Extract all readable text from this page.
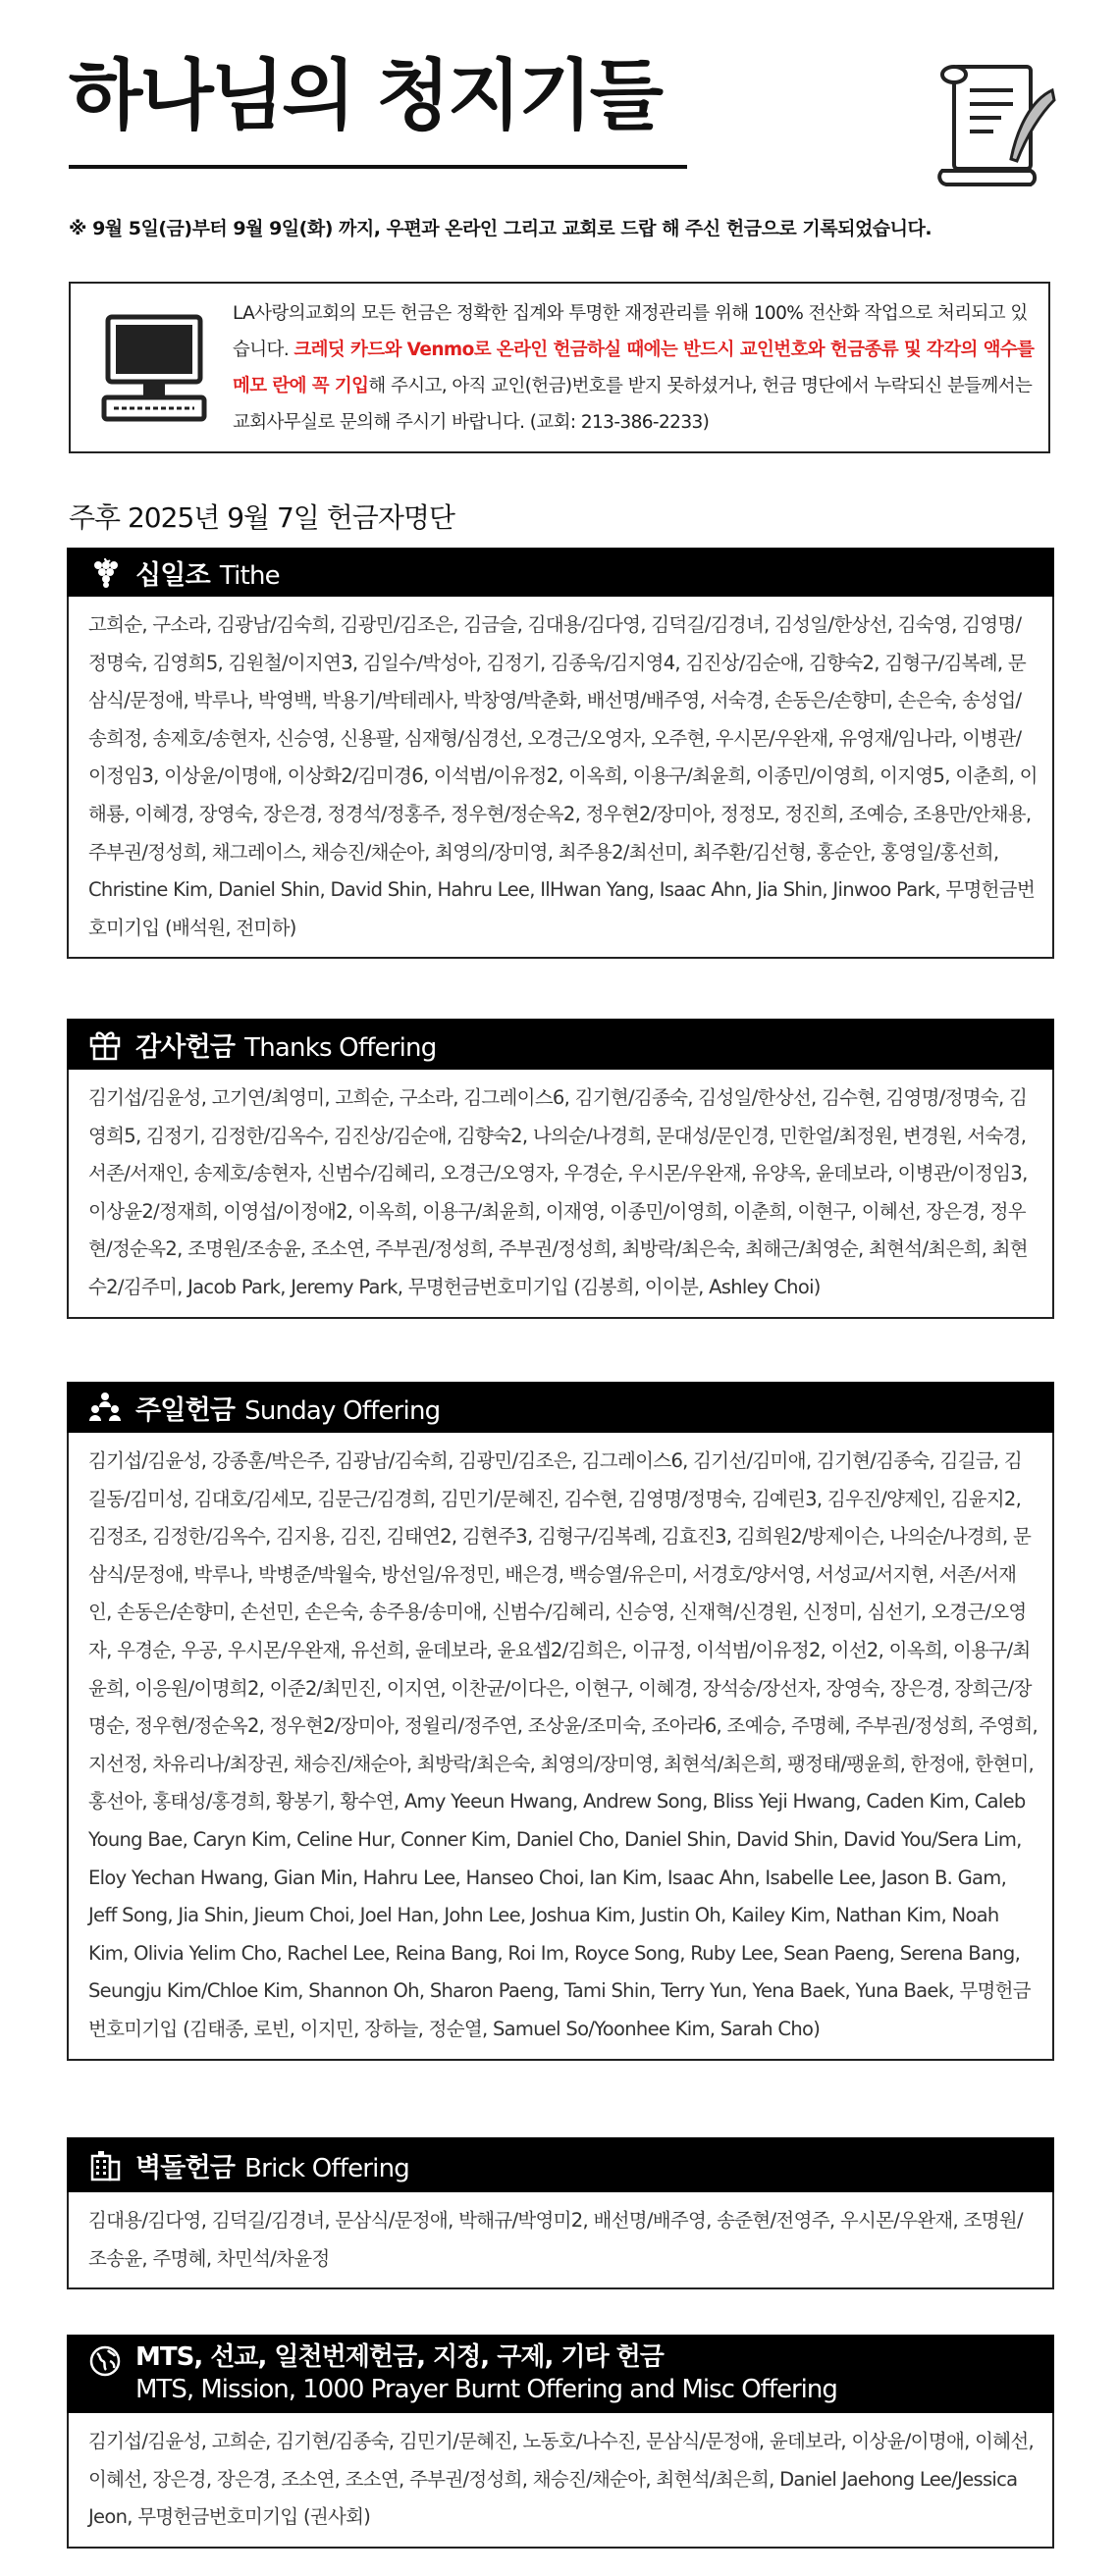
하나님의 청지기들

※ 9월 5일(금)부터 9월 9일(화) 까지, 우편과 온라인 그리고 교회로 드랍 해 주신 헌금으로 기록되었습니다.

LA사랑의교회의 모든 헌금은 정확한 집계와 투명한 재정관리를 위해 100% 전산화 작업으로 처리되고 있습니다. 크레딧 카드와 Venmo로 온라인 헌금하실 때에는 반드시 교인번호와 헌금종류 및 각각의 액수를 메모 란에 꼭 기입해 주시고, 아직 교인(헌금)번호를 받지 못하셨거나, 헌금 명단에서 누락되신 분들께서는 교회사무실로 문의해 주시기 바랍니다. (교회: 213-386-2233)
주후 2025년 9월 7일 헌금자명단
십일조 Tithe
고희순, 구소라, 김광남/김숙희, 김광민/김조은, 김금슬, 김대용/김다영, 김덕길/김경녀, 김성일/한상선, 김숙영, 김영명/정명숙, 김영희5, 김원철/이지연3, 김일수/박성아, 김정기, 김종욱/김지영4, 김진상/김순애, 김향숙2, 김형구/김복례, 문삼식/문정애, 박루나, 박영백, 박용기/박테레사, 박창영/박춘화, 배선명/배주영, 서숙경, 손동은/손향미, 손은숙, 송성업/송희정, 송제호/송현자, 신승영, 신용팔, 심재형/심경선, 오경근/오영자, 오주현, 우시몬/우완재, 유영재/임나라, 이병관/이정임3, 이상윤/이명애, 이상화2/김미경6, 이석범/이유정2, 이옥희, 이용구/최윤희, 이종민/이영희, 이지영5, 이춘희, 이해룡, 이혜경, 장영숙, 장은경, 정경석/정홍주, 정우현/정순옥2, 정우현2/장미아, 정정모, 정진희, 조예승, 조용만/안채용, 주부권/정성희, 채그레이스, 채승진/채순아, 최영의/장미영, 최주용2/최선미, 최주환/김선형, 홍순안, 홍영일/홍선희, Christine Kim, Daniel Shin, David Shin, Hahru Lee, IlHwan Yang, Isaac Ahn, Jia Shin, Jinwoo Park, 무명헌금번호미기입 (배석원, 전미하)
감사헌금 Thanks Offering
김기섭/김윤성, 고기연/최영미, 고희순, 구소라, 김그레이스6, 김기현/김종숙, 김성일/한상선, 김수현, 김영명/정명숙, 김영희5, 김정기, 김정한/김옥수, 김진상/김순애, 김향숙2, 나의순/나경희, 문대성/문인경, 민한얼/최정원, 변경원, 서숙경, 서존/서재인, 송제호/송현자, 신범수/김혜리, 오경근/오영자, 우경순, 우시몬/우완재, 유양옥, 윤데보라, 이병관/이정임3, 이상윤2/정재희, 이영섭/이정애2, 이옥희, 이용구/최윤희, 이재영, 이종민/이영희, 이춘희, 이현구, 이혜선, 장은경, 정우현/정순옥2, 조명원/조송윤, 조소연, 주부권/정성희, 주부권/정성희, 최방락/최은숙, 최해근/최영순, 최현석/최은희, 최현수2/김주미, Jacob Park, Jeremy Park, 무명헌금번호미기입 (김봉희, 이이분, Ashley Choi)
주일헌금 Sunday Offering
김기섭/김윤성, 강종훈/박은주, 김광남/김숙희, 김광민/김조은, 김그레이스6, 김기선/김미애, 김기현/김종숙, 김길금, 김길동/김미성, 김대호/김세모, 김문근/김경희, 김민기/문혜진, 김수현, 김영명/정명숙, 김예린3, 김우진/양제인, 김윤지2, 김정조, 김정한/김옥수, 김지용, 김진, 김태연2, 김현주3, 김형구/김복례, 김효진3, 김희원2/방제이슨, 나의순/나경희, 문삼식/문정애, 박루나, 박병준/박월숙, 방선일/유정민, 배은경, 백승열/유은미, 서경호/양서영, 서성교/서지현, 서존/서재인, 손동은/손향미, 손선민, 손은숙, 송주용/송미애, 신범수/김혜리, 신승영, 신재혁/신경원, 신정미, 심선기, 오경근/오영자, 우경순, 우공, 우시몬/우완재, 유선희, 윤데보라, 윤요셉2/김희은, 이규정, 이석범/이유정2, 이선2, 이옥희, 이용구/최윤희, 이응원/이명희2, 이준2/최민진, 이지연, 이찬균/이다은, 이현구, 이혜경, 장석숭/장선자, 장영숙, 장은경, 장희근/장명순, 정우현/정순옥2, 정우현2/장미아, 정윌리/정주연, 조상윤/조미숙, 조아라6, 조예승, 주명혜, 주부권/정성희, 주영희, 지선정, 차유리나/최장권, 채승진/채순아, 최방락/최은숙, 최영의/장미영, 최현석/최은희, 팽정태/팽윤희, 한정애, 한현미, 홍선아, 홍태성/홍경희, 황봉기, 황수연, Amy Yeeun Hwang, Andrew Song, Bliss Yeji Hwang, Caden Kim, Caleb Young Bae, Caryn Kim, Celine Hur, Conner Kim, Daniel Cho, Daniel Shin, David Shin, David You/Sera Lim, Eloy Yechan Hwang, Gian Min, Hahru Lee, Hanseo Choi, Ian Kim, Isaac Ahn, Isabelle Lee, Jason B. Gam, Jeff Song, Jia Shin, Jieum Choi, Joel Han, John Lee, Joshua Kim, Justin Oh, Kailey Kim, Nathan Kim, Noah Kim, Olivia Yelim Cho, Rachel Lee, Reina Bang, Roi Im, Royce Song, Ruby Lee, Sean Paeng, Serena Bang, Seungju Kim/Chloe Kim, Shannon Oh, Sharon Paeng, Tami Shin, Terry Yun, Yena Baek, Yuna Baek, 무명헌금번호미기입 (김태종, 로빈, 이지민, 장하늘, 정순열, Samuel So/Yoonhee Kim, Sarah Cho)
벽돌헌금 Brick Offering
김대용/김다영, 김덕길/김경녀, 문삼식/문정애, 박해규/박영미2, 배선명/배주영, 송준현/전영주, 우시몬/우완재, 조명원/조송윤, 주명혜, 차민석/차윤정
MTS, 선교, 일천번제헌금, 지정, 구제, 기타 헌금
MTS, Mission, 1000 Prayer Burnt Offering and Misc Offering
김기섭/김윤성, 고희순, 김기현/김종숙, 김민기/문혜진, 노동호/나수진, 문삼식/문정애, 윤데보라, 이상윤/이명애, 이혜선, 이혜선, 장은경, 장은경, 조소연, 조소연, 주부권/정성희, 채승진/채순아, 최현석/최은희, Daniel Jaehong Lee/Jessica Jeon, 무명헌금번호미기입 (권사회)
